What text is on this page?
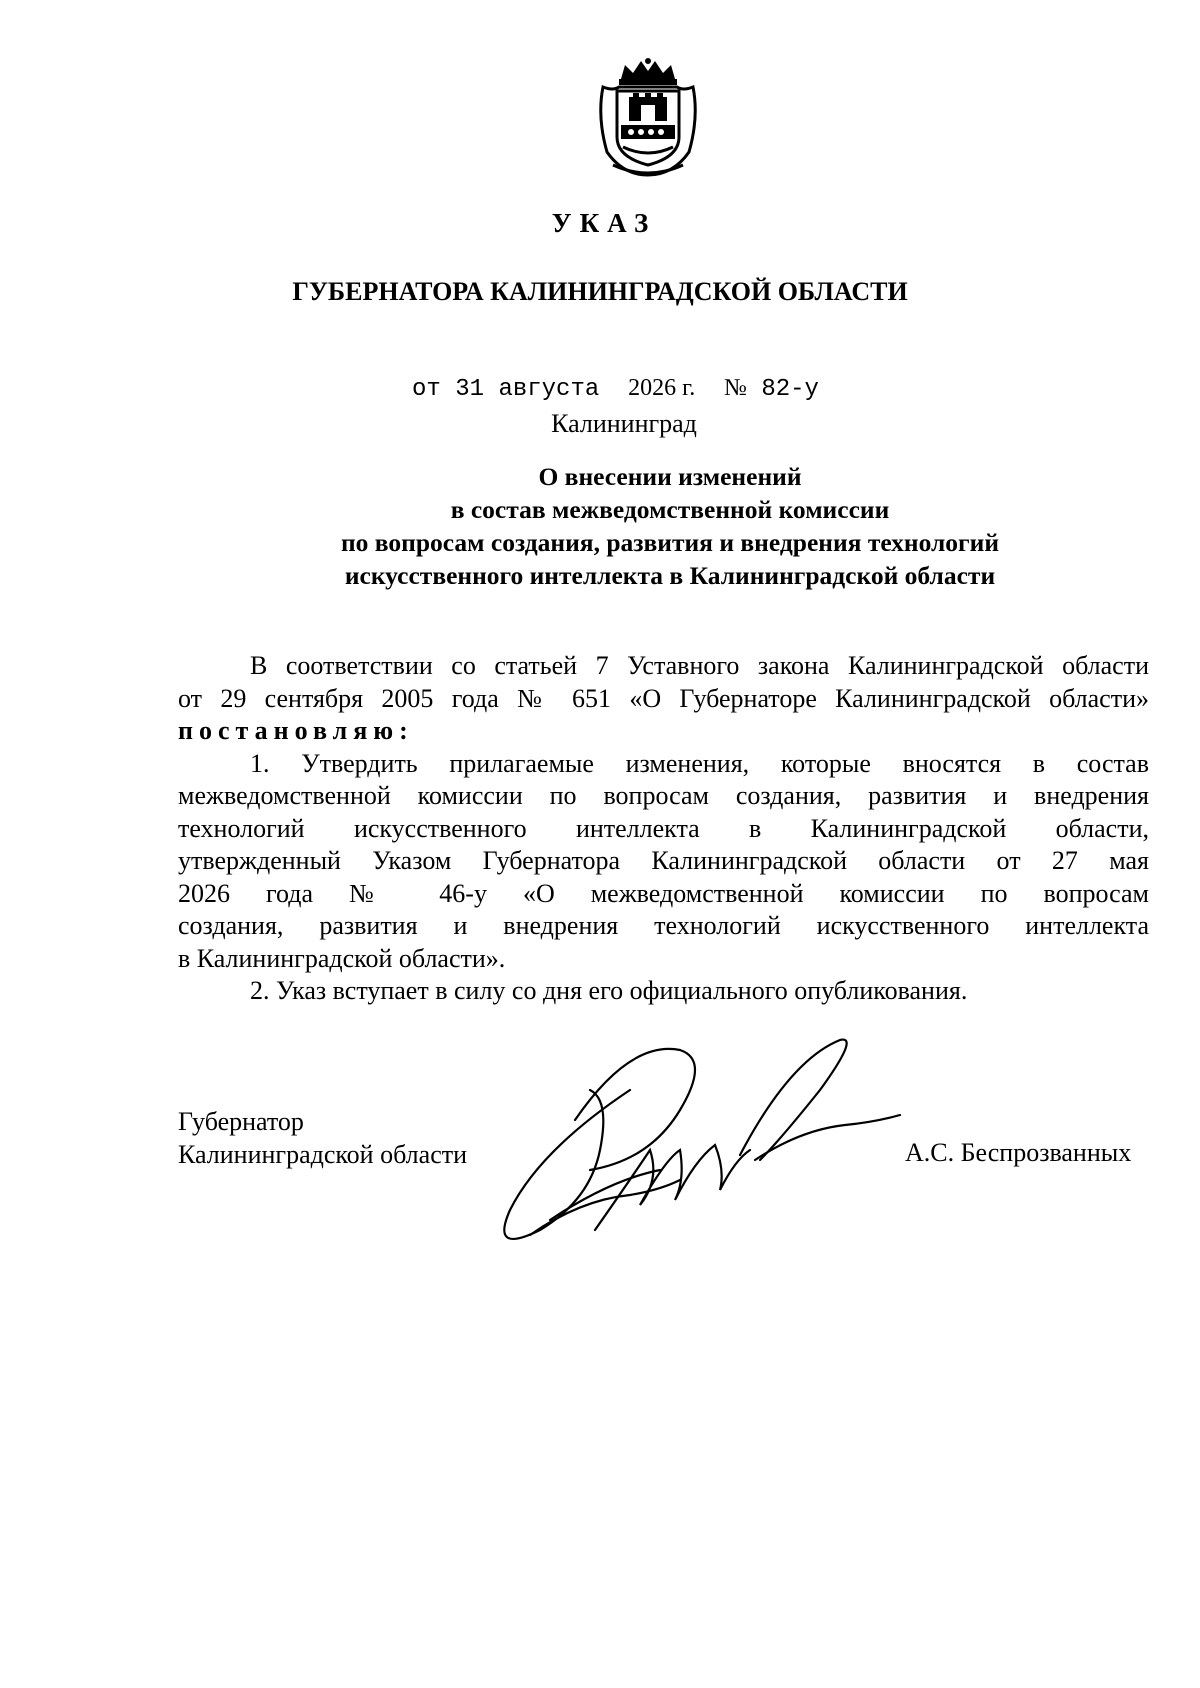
УКАЗ
ГУБЕРНАТОРА КАЛИНИНГРАДСКОЙ ОБЛАСТИ
от 31 августа 2026 г. № 82-у
Калининград
О внесении изменений
в состав межведомственной комиссии
по вопросам создания, развития и внедрения технологий
искусственного интеллекта в Калининградской области
В соответствии со статьей 7 Уставного закона Калининградской области
от 29 сентября 2005 года № 651 «О Губернаторе Калининградской области»
постановляю:
1. Утвердить прилагаемые изменения, которые вносятся в состав
межведомственной комиссии по вопросам создания, развития и внедрения
технологий искусственного интеллекта в Калининградской области,
утвержденный Указом Губернатора Калининградской области от 27 мая
2026 года № 46-у «О межведомственной комиссии по вопросам
создания, развития и внедрения технологий искусственного интеллекта
в Калининградской области».
2. Указ вступает в силу со дня его официального опубликования.
Губернатор
Калининградской области	А.С. Беспрозванных
